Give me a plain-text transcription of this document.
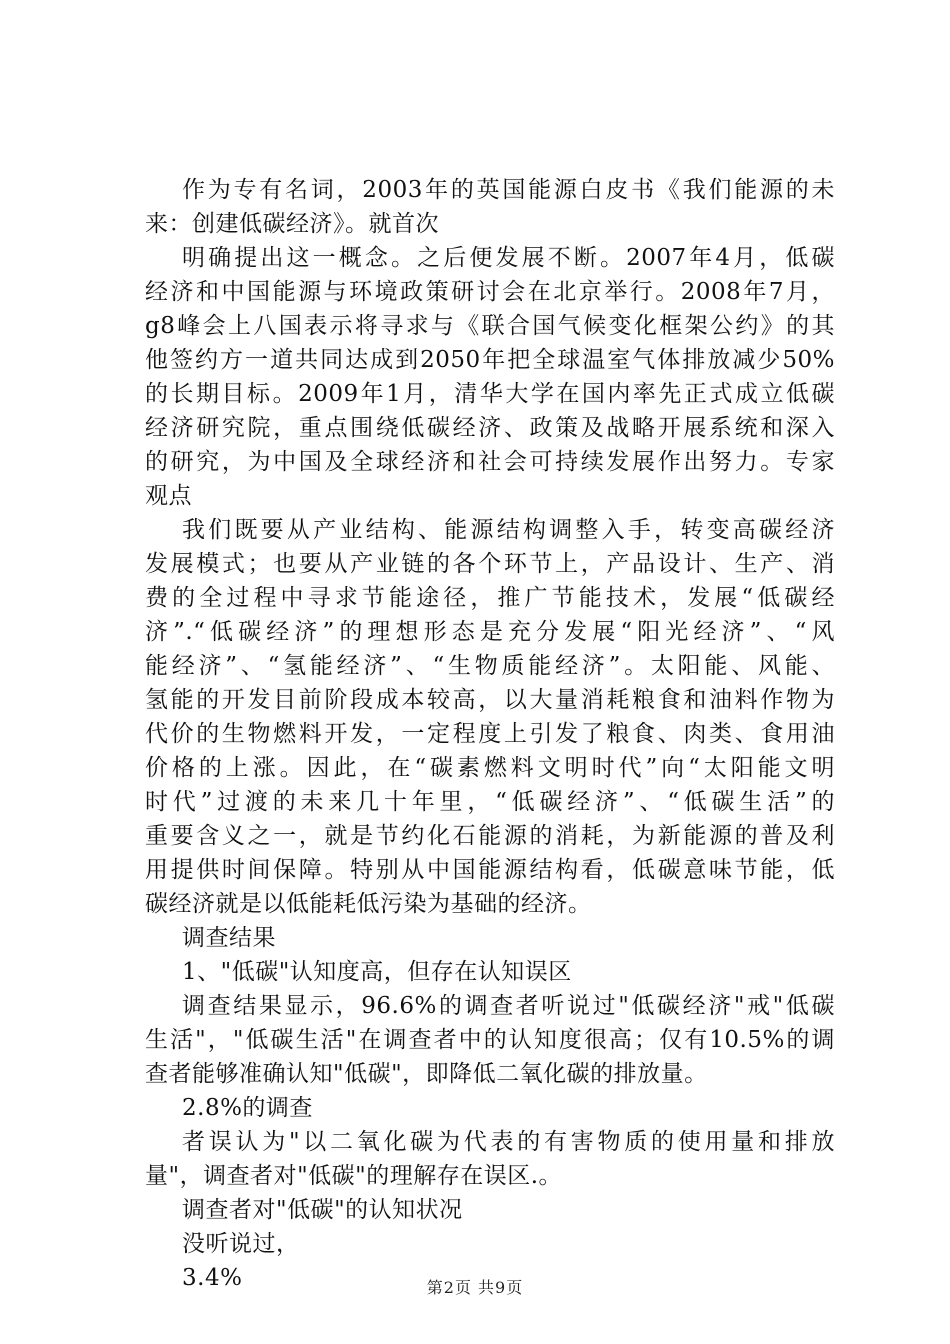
作为专有名词，2003年的英国能源白皮书《我们能源的未
来：创建低碳经济》。就首次
明确提出这一概念。之后便发展不断。2007年4月，低碳
经济和中国能源与环境政策研讨会在北京举行。2008年7月，
g8峰会上八国表示将寻求与《联合国气候变化框架公约》的其
他签约方一道共同达成到2050年把全球温室气体排放减少50%
的长期目标。2009年1月，清华大学在国内率先正式成立低碳
经济研究院，重点围绕低碳经济、政策及战略开展系统和深入
的研究，为中国及全球经济和社会可持续发展作出努力。专家
观点
我们既要从产业结构、能源结构调整入手，转变高碳经济
发展模式；也要从产业链的各个环节上，产品设计、生产、消
费的全过程中寻求节能途径，推广节能技术，发展“低碳经
济”.“低碳经济”的理想形态是充分发展“阳光经济”、“风
能经济”、“氢能经济”、“生物质能经济”。太阳能、风能、
氢能的开发目前阶段成本较高，以大量消耗粮食和油料作物为
代价的生物燃料开发，一定程度上引发了粮食、肉类、食用油
价格的上涨。因此，在“碳素燃料文明时代”向“太阳能文明
时代”过渡的未来几十年里，“低碳经济”、“低碳生活”的
重要含义之一，就是节约化石能源的消耗，为新能源的普及利
用提供时间保障。特别从中国能源结构看，低碳意味节能，低
碳经济就是以低能耗低污染为基础的经济。
调查结果
1、"低碳"认知度高，但存在认知误区
调查结果显示，96.6%的调查者听说过"低碳经济"戒"低碳
生活"，"低碳生活"在调查者中的认知度很高；仅有10.5%的调
查者能够准确认知"低碳"，即降低二氧化碳的排放量。
2.8%的调查
者误认为"以二氧化碳为代表的有害物质的使用量和排放
量"，调查者对"低碳"的理解存在误区.。
调查者对"低碳"的认知状况
没听说过，
3.4%	第2页 共9页
